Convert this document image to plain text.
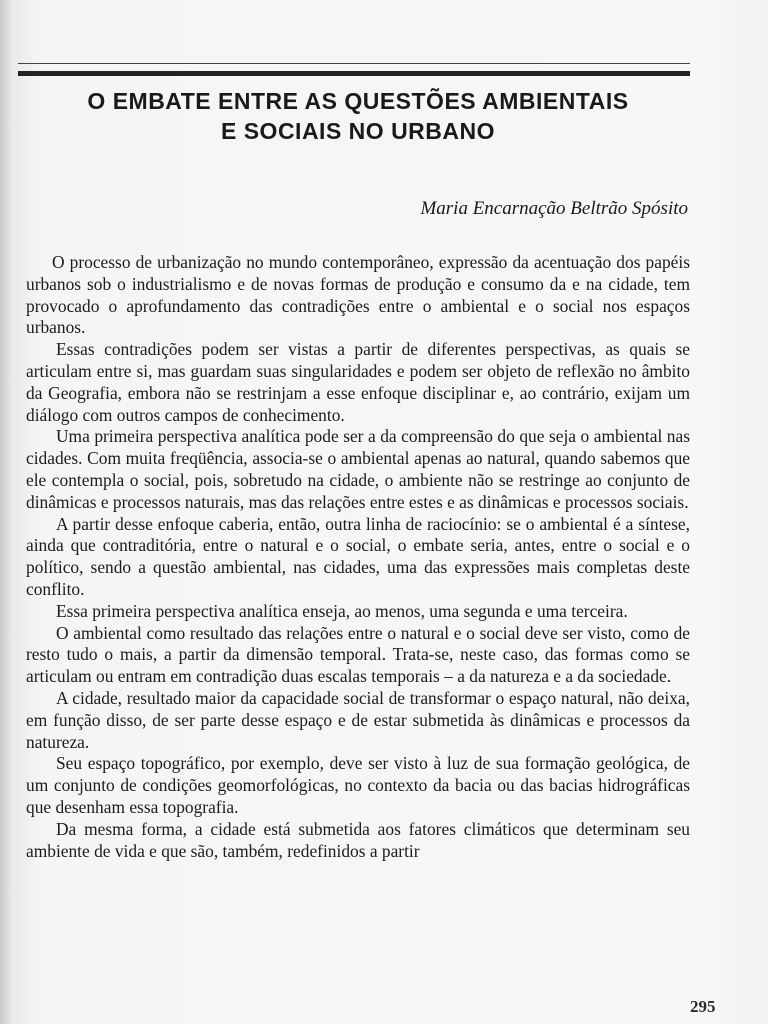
O EMBATE ENTRE AS QUESTÕES AMBIENTAIS
E SOCIAIS NO URBANO
Maria Encarnação Beltrão Spósito

O processo de urbanização no mundo contemporâneo, expressão da acentuação dos papéis urbanos sob o industrialismo e de novas formas de produção e consumo da e na cidade, tem provocado o aprofundamento das contradições entre o ambiental e o social nos espaços urbanos.

Essas contradições podem ser vistas a partir de diferentes perspectivas, as quais se articulam entre si, mas guardam suas singularidades e podem ser objeto de reflexão no âmbito da Geografia, embora não se restrinjam a esse enfoque disciplinar e, ao contrário, exijam um diálogo com outros campos de conhecimento.

Uma primeira perspectiva analítica pode ser a da compreensão do que seja o ambiental nas cidades. Com muita freqüência, associa-se o ambiental apenas ao natural, quando sabemos que ele contempla o social, pois, sobretudo na cidade, o ambiente não se restringe ao conjunto de dinâmicas e processos naturais, mas das relações entre estes e as dinâmicas e processos sociais.

A partir desse enfoque caberia, então, outra linha de raciocínio: se o ambiental é a síntese, ainda que contraditória, entre o natural e o social, o embate seria, antes, entre o social e o político, sendo a questão ambiental, nas cidades, uma das expressões mais completas deste conflito.

Essa primeira perspectiva analítica enseja, ao menos, uma segunda e uma terceira.

O ambiental como resultado das relações entre o natural e o social deve ser visto, como de resto tudo o mais, a partir da dimensão temporal. Trata-se, neste caso, das formas como se articulam ou entram em contradição duas escalas temporais – a da natureza e a da sociedade.

A cidade, resultado maior da capacidade social de transformar o espaço natural, não deixa, em função disso, de ser parte desse espaço e de estar submetida às dinâmicas e processos da natureza.

Seu espaço topográfico, por exemplo, deve ser visto à luz de sua formação geológica, de um conjunto de condições geomorfológicas, no contexto da bacia ou das bacias hidrográficas que desenham essa topografia.

Da mesma forma, a cidade está submetida aos fatores climáticos que determinam seu ambiente de vida e que são, também, redefinidos a partir

295
